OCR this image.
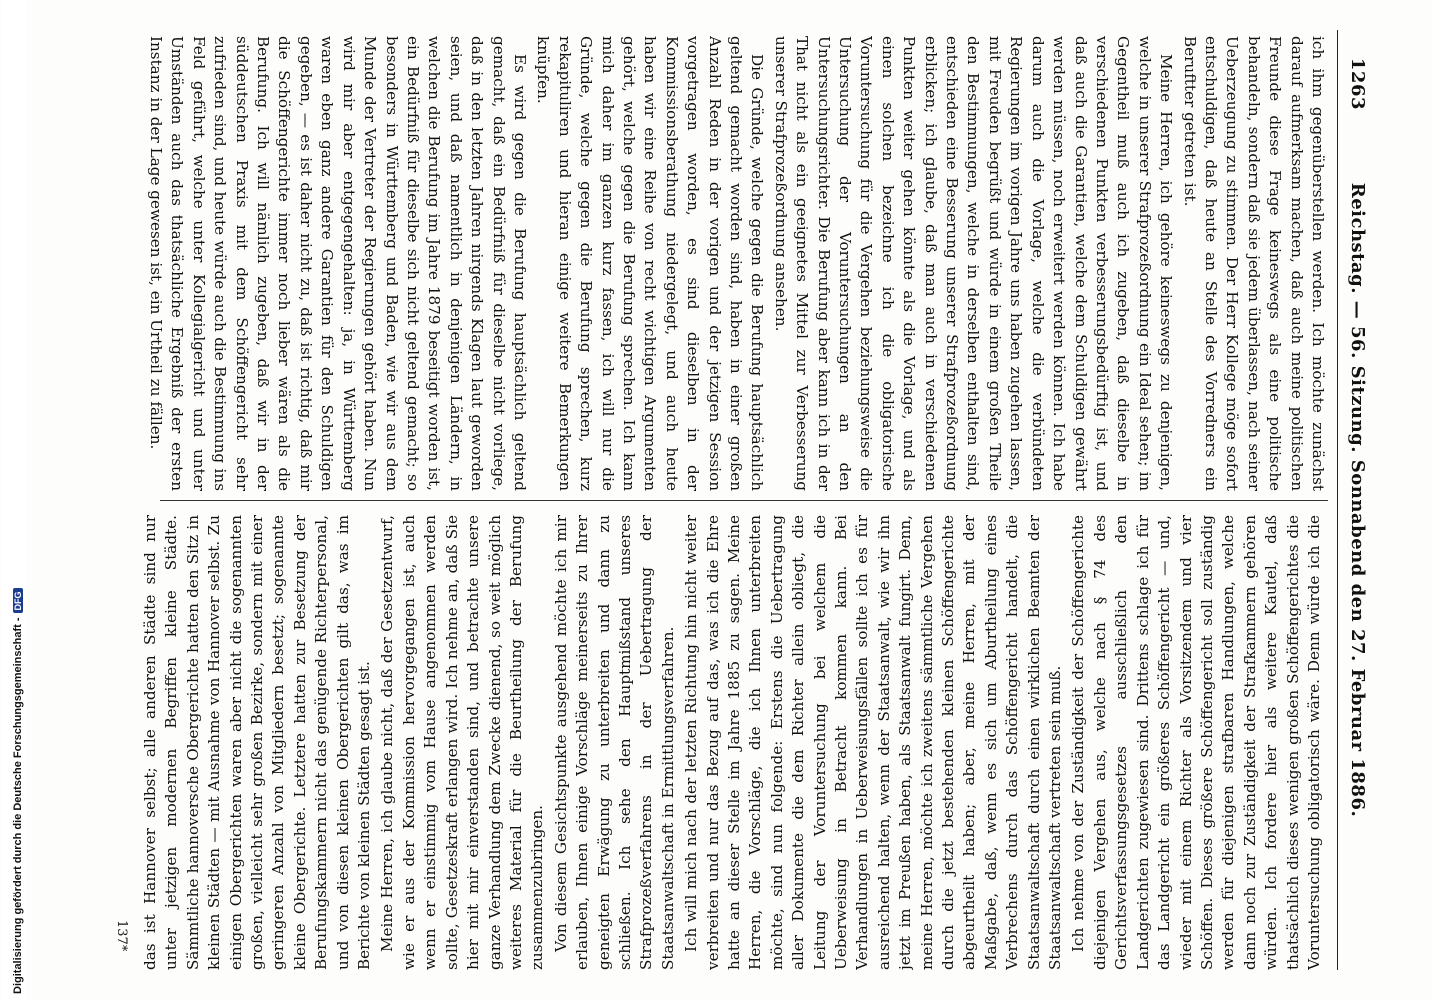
Digitalisierung gefördert durch die Deutsche Forschungsgemeinschaft -DFG
1263
Reichstag. — 56. Sitzung. Sonnabend den 27. Februar 1886.

ich ihm gegenüberstellen werden. Ich möchte zunächst darauf aufmerksam machen, daß auch meine politischen Freunde diese Frage keineswegs als eine politische behandeln, sondern daß sie jedem überlassen, nach seiner Ueberzeugung zu stimmen. Der Herr Kollege möge sofort entschuldigen, daß heute an Stelle des Vorredners ein Beruftter getreten ist.

Meine Herren, ich gehöre keineswegs zu denjenigen, welche in unserer Strafprozeßordnung ein Ideal sehen; im Gegentheil muß auch ich zugeben, daß dieselbe in verschiedenen Punkten verbesserungsbedürftig ist, und daß auch die Garantien, welche dem Schuldigen gewährt werden müssen, noch erweitert werden können. Ich habe darum auch die Vorlage, welche die verbündeten Regierungen im vorigen Jahre uns haben zugehen lassen, mit Freuden begrüßt und würde in einem großen Theile den Bestimmungen, welche in derselben enthalten sind, entschieden eine Besserung unserer Strafprozeßordnung erblicken; ich glaube, daß man auch in verschiedenen Punkten weiter gehen könnte als die Vorlage, und als einen solchen bezeichne ich die obligatorische Voruntersuchung für die Vergehen beziehungsweise die Untersuchung der Voruntersuchungen an den Untersuchungsrichter. Die Berufung aber kann ich in der That nicht als ein geeignetes Mittel zur Verbesserung unserer Strafprozeßordnung ansehen.

Die Gründe, welche gegen die Berufung hauptsächlich geltend gemacht worden sind, haben in einer großen Anzahl Reden in der vorigen und der jetzigen Session vorgetragen worden, es sind dieselben in der Kommissionsberathung niedergelegt, und auch heute haben wir eine Reihe von recht wichtigen Argumenten gehört, welche gegen die Berufung sprechen. Ich kann mich daher im ganzen kurz fassen, ich will nur die Gründe, welche gegen die Berufung sprechen, kurz rekapituliren und hieran einige weitere Bemerkungen knüpfen.

Es wird gegen die Berufung hauptsächlich geltend gemacht, daß ein Bedürfniß für dieselbe nicht vorliege, daß in den letzten Jahren nirgends Klagen laut geworden seien, und daß namentlich in denjenigen Ländern, in welchen die Berufung im Jahre 1879 beseitigt worden ist, ein Bedürfniß für dieselbe sich nicht geltend gemacht; so besonders in Württemberg und Baden, wie wir aus dem Munde der Vertreter der Regierungen gehört haben. Nun wird mir aber entgegengehalten: ja, in Württemberg waren eben ganz andere Garantien für den Schuldigen gegeben, — es ist daher nicht zu, daß ist richtig, daß mir die Schöffengerichte immer noch lieber wären als die Berufung. Ich will nämlich zugeben, daß wir in der süddeutschen Praxis mit dem Schöffengericht sehr zufrieden sind, und heute würde auch die Bestimmung ins Feld geführt, welche unter Kollegialgericht und unter Umständen auch das thatsächliche Ergebniß der ersten Instanz in der Lage gewesen ist, ein Urtheil zu fällen.

das ist Hannover selbst; alle anderen Städte sind nur unter jetzigen modernen Begriffen kleine Städte. Sämmtliche hannoversche Obergerichte hatten den Sitz in kleinen Städten — mit Ausnahme von Hannover selbst. Zu einigen Obergerichten waren aber nicht die sogenannten großen, vielleicht sehr großen Bezirke, sondern mit einer geringeren Anzahl von Mitgliedern besetzt; sogenannte kleine Obergerichte. Letztere hatten zur Besetzung der Berufungskammern nicht das genügende Richterpersonal, und von diesen kleinen Obergerichten gilt das, was im Berichte von kleinen Städten gesagt ist. Meine Herren, ich glaube nicht, daß der Gesetzentwurf, wie er aus der Kommission hervorgegangen ist, auch wenn er einstimmig vom Hause angenommen werden sollte, Gesetzeskraft erlangen wird. Ich nehme an, daß Sie hier mit mir einverstanden sind, und betrachte unsere ganze Verhandlung dem Zwecke dienend, so weit möglich weiteres Material für die Beurtheilung der Berufung zusammenzubringen. Von diesem Gesichtspunkte ausgehend möchte ich mir erlauben, Ihnen einige Vorschläge meinerseits zu Ihrer geneigten Erwägung zu unterbreiten und dann zu schließen. Ich sehe den Hauptmißstand unseres Strafprozeßverfahrens in der Uebertragung der Staatsanwaltschaft in Ermittlungsverfahren. Ich will mich nach der letzten Richtung hin nicht weiter verbreiten und nur das Bezug auf das, was ich die Ehre hatte an dieser Stelle im Jahre 1885 zu sagen. Meine Herren, die Vorschläge, die ich Ihnen unterbreiten möchte, sind nun folgende: Erstens die Uebertragung aller Dokumente die dem Richter allein obliegt, die Leitung der Voruntersuchung bei welchem die Ueberweisung in Betracht kommen kann. Bei Verhandlungen in Ueberweisungsfällen sollte ich es für ausreichend halten, wenn der Staatsanwalt, wie wir ihn jetzt im Preußen haben, als Staatsanwalt fungirt. Denn, meine Herren, möchte ich zweitens sämmtliche Vergehen durch die jetzt bestehenden kleinen Schöffengerichte abgeurtheilt haben; aber, meine Herren, mit der Maßgabe, daß, wenn es sich um Aburtheilung eines Verbrechens durch das Schöffengericht handelt, die Staatsanwaltschaft durch einen wirklichen Beamten der Staatsanwaltschaft vertreten sein muß. Ich nehme von der Zuständigkeit der Schöffengerichte diejenigen Vergehen aus, welche nach § 74 des Gerichtsverfassungsgesetzes ausschließlich den Landgerichten zugewiesen sind. Drittens schlage ich für das Landgericht ein größeres Schöffengericht — und, wieder mit einem Richter als Vorsitzendem und vier Schöffen. Dieses größere Schöffengericht soll zuständig werden für diejenigen strafbaren Handlungen, welche dann noch zur Zuständigkeit der Strafkammern gehören würden. Ich fordere hier als weitere Kautel, daß thatsächlich dieses wenigen großen Schöffengerichtes die Voruntersuchung obligatorisch wäre. Denn würde ich die

137*
